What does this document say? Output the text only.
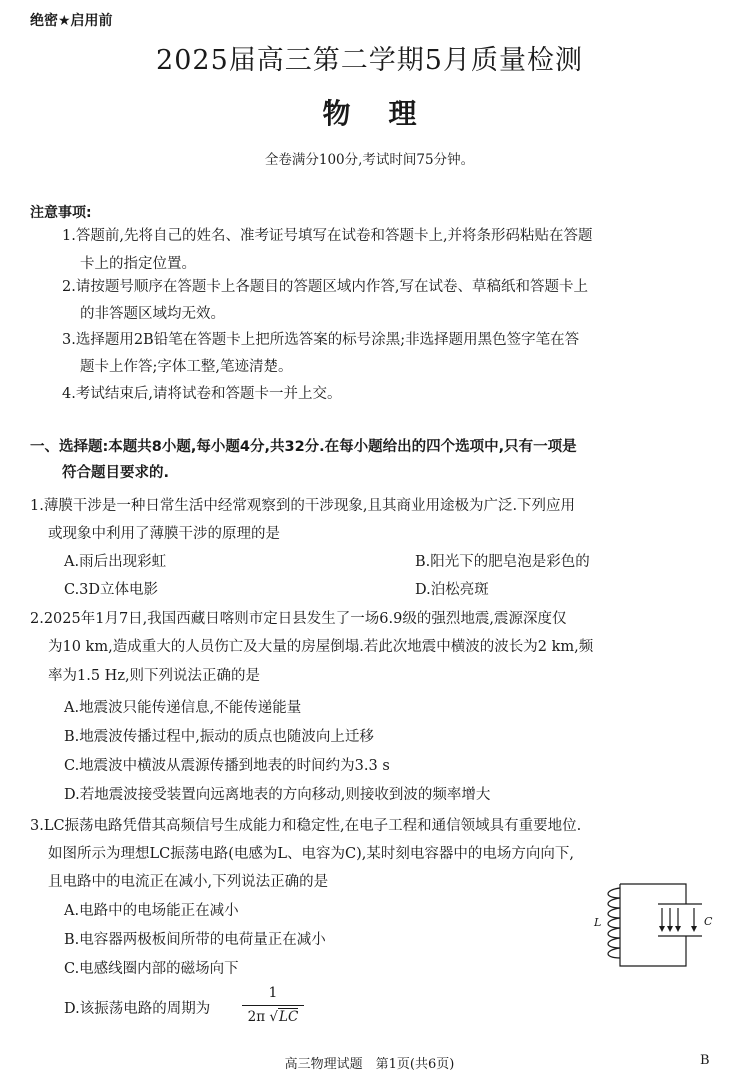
绝密★启用前
2025届高三第二学期5月质量检测
物理
全卷满分100分,考试时间75分钟。
注意事项:
1.答题前,先将自己的姓名、准考证号填写在试卷和答题卡上,并将条形码粘贴在答题
卡上的指定位置。
2.请按题号顺序在答题卡上各题目的答题区域内作答,写在试卷、草稿纸和答题卡上
的非答题区域均无效。
3.选择题用2B铅笔在答题卡上把所选答案的标号涂黑;非选择题用黑色签字笔在答
题卡上作答;字体工整,笔迹清楚。
4.考试结束后,请将试卷和答题卡一并上交。
一、选择题:本题共8小题,每小题4分,共32分.在每小题给出的四个选项中,只有一项是
符合题目要求的.
1.薄膜干涉是一种日常生活中经常观察到的干涉现象,且其商业用途极为广泛.下列应用
或现象中利用了薄膜干涉的原理的是
A.雨后出现彩虹	B.阳光下的肥皂泡是彩色的
C.3D立体电影	D.泊松亮斑
2.2025年1月7日,我国西藏日喀则市定日县发生了一场6.9级的强烈地震,震源深度仅
为10 km,造成重大的人员伤亡及大量的房屋倒塌.若此次地震中横波的波长为2 km,频
率为1.5 Hz,则下列说法正确的是
A.地震波只能传递信息,不能传递能量
B.地震波传播过程中,振动的质点也随波向上迁移
C.地震波中横波从震源传播到地表的时间约为3.3 s
D.若地震波接受装置向远离地表的方向移动,则接收到波的频率增大
3.LC振荡电路凭借其高频信号生成能力和稳定性,在电子工程和通信领域具有重要地位.
如图所示为理想LC振荡电路(电感为L、电容为C),某时刻电容器中的电场方向向下,
且电路中的电流正在减小,下列说法正确的是
A.电路中的电场能正在减小
B.电容器两极板间所带的电荷量正在减小
C.电感线圈内部的磁场向下
D.该振荡电路的周期为
1
2π √LC
L	C
高三物理试题　第1页(共6页)	B
